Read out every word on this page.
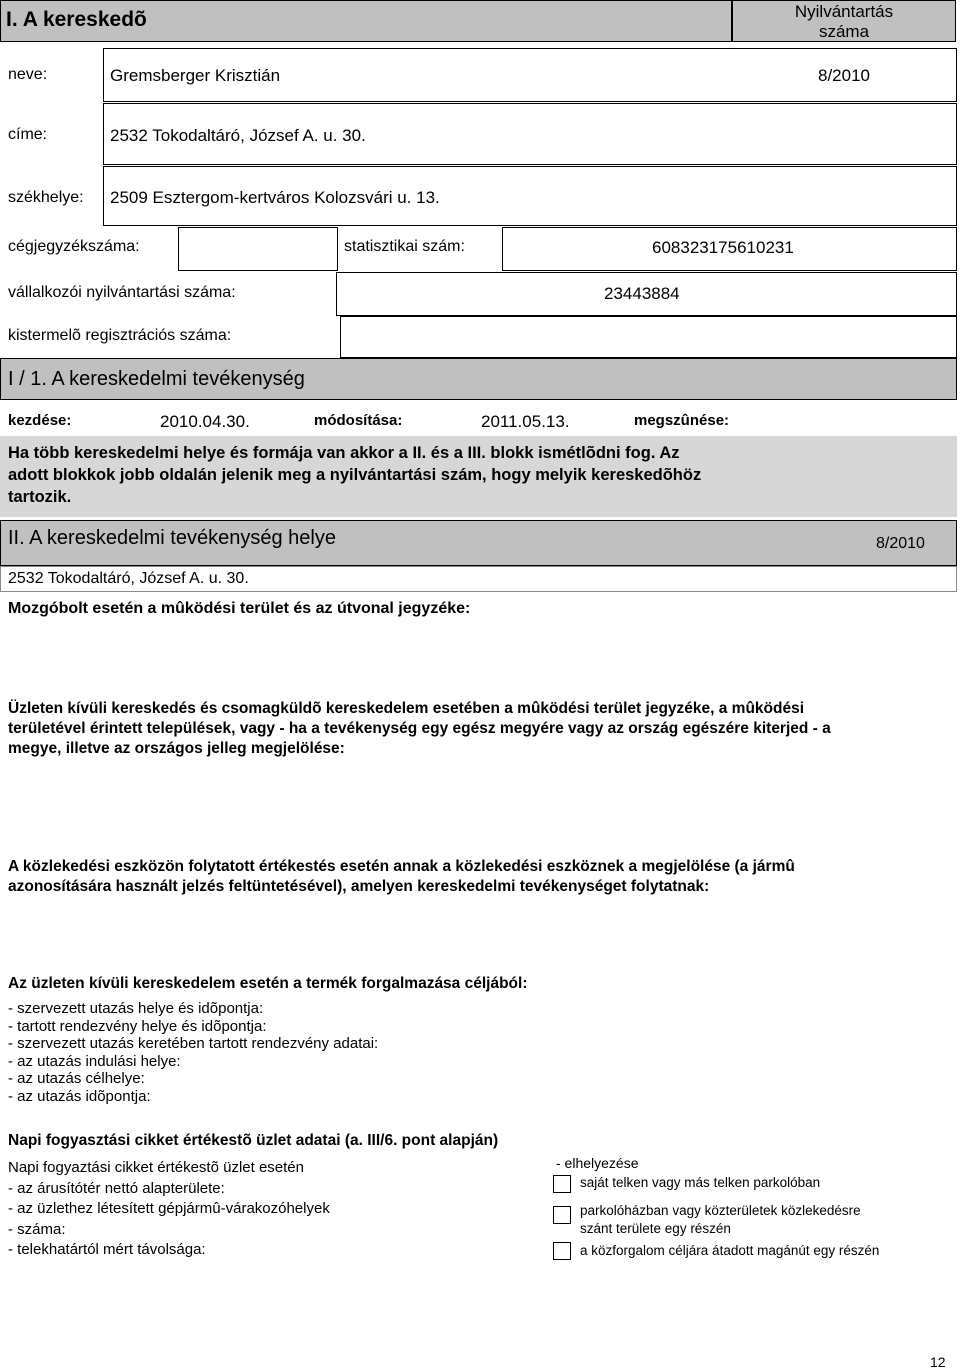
I. A kereskedõ	Nyilvántartás
száma
neve:	Gremsberger Krisztián	8/2010
címe:	2532 Tokodaltáró, József A. u. 30.
székhelye: 2509 Esztergom-kertváros Kolozsvári u. 13.
cégjegyzékszáma:	statisztikai szám:	608323175610231
vállalkozói nyilvántartási száma:	23443884
kistermelõ regisztrációs száma:
I / 1. A kereskedelmi tevékenység
kezdése:	2010.04.30.	módosítása:	2011.05.13.	megszûnése:
Ha több kereskedelmi helye és formája van akkor a II. és a III. blokk ismétlõdni fog. Az
adott blokkok jobb oldalán jelenik meg a nyilvántartási szám, hogy melyik kereskedõhöz
tartozik.
II. A kereskedelmi tevékenység helye	8/2010
2532 Tokodaltáró, József A. u. 30.
Mozgóbolt esetén a mûködési terület és az útvonal jegyzéke:
Üzleten kívüli kereskedés és csomagküldõ kereskedelem esetében a mûködési terület jegyzéke, a mûködési
területével érintett települések, vagy - ha a tevékenység egy egész megyére vagy az ország egészére kiterjed - a
megye, illetve az országos jelleg megjelölése:
A közlekedési eszközön folytatott értékestés esetén annak a közlekedési eszköznek a megjelölése (a jármû
azonosítására használt jelzés feltüntetésével), amelyen kereskedelmi tevékenységet folytatnak:
Az üzleten kívüli kereskedelem esetén a termék forgalmazása céljából:
- szervezett utazás helye és idõpontja:
- tartott rendezvény helye és idõpontja:
- szervezett utazás keretében tartott rendezvény adatai:
- az utazás indulási helye:
- az utazás célhelye:
- az utazás idõpontja:
Napi fogyasztási cikket értékestõ üzlet adatai (a. III/6. pont alapján)
Napi fogyaztási cikket értékestõ üzlet esetén
- az árusítótér nettó alapterülete:
- az üzlethez létesített gépjármû-várakozóhelyek
- száma:
- telekhatártól mért távolsága:
- elhelyezése
saját telken vagy más telken parkolóban
parkolóházban vagy közterületek közlekedésre
szánt területe egy részén
a közforgalom céljára átadott magánút egy részén
12
